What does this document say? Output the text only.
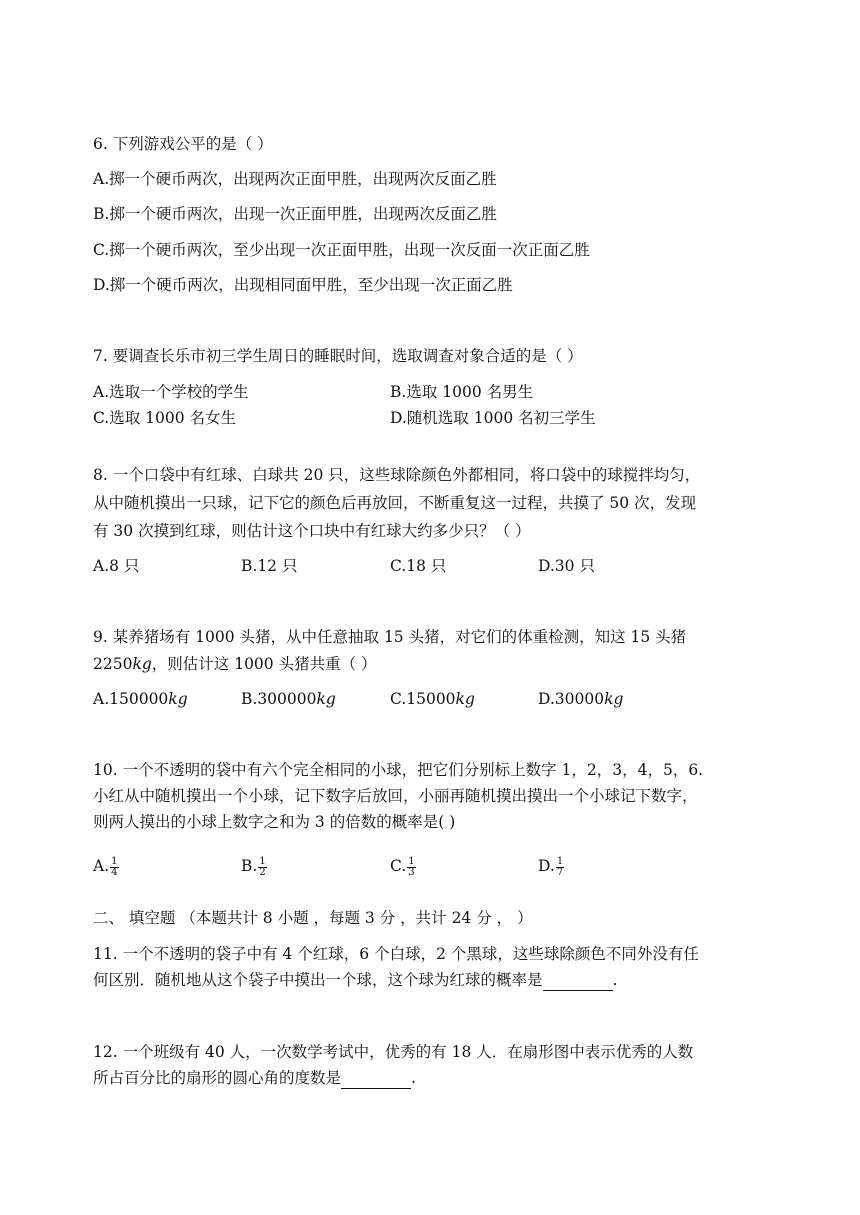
6. 下列游戏公平的是（ ）
A.掷一个硬币两次，出现两次正面甲胜，出现两次反面乙胜
B.掷一个硬币两次，出现一次正面甲胜，出现两次反面乙胜
C.掷一个硬币两次，至少出现一次正面甲胜，出现一次反面一次正面乙胜
D.掷一个硬币两次，出现相同面甲胜，至少出现一次正面乙胜
7. 要调查长乐市初三学生周日的睡眠时间，选取调查对象合适的是（ ）
A.选取一个学校的学生	B.选取 1000 名男生
C.选取 1000 名女生	D.随机选取 1000 名初三学生
8. 一个口袋中有红球、白球共 20 只，这些球除颜色外都相同，将口袋中的球搅拌均匀，
从中随机摸出一只球，记下它的颜色后再放回，不断重复这一过程，共摸了 50 次，发现
有 30 次摸到红球，则估计这个口块中有红球大约多少只？（ ）
A.8 只	B.12 只	C.18 只	D.30 只
9. 某养猪场有 1000 头猪，从中任意抽取 15 头猪，对它们的体重检测，知这 15 头猪
2250kg，则估计这 1000 头猪共重（ ）
A.150000kg	B.300000kg	C.15000kg	D.30000kg
10. 一个不透明的袋中有六个完全相同的小球，把它们分别标上数字 1，2，3，4，5，6.
小红从中随机摸出一个小球，记下数字后放回，小丽再随机摸出摸出一个小球记下数字，
则两人摸出的小球上数字之和为 3 的倍数的概率是( )
A. $\frac{1}{4}$	B. $\frac{1}{2}$	C. $\frac{1}{3}$	D. $\frac{1}{7}$
二、 填空题 （本题共计 8 小题 ，每题 3 分 ，共计 24 分 ， ）
11. 一个不透明的袋子中有 4 个红球，6 个白球，2 个黑球，这些球除颜色不同外没有任
何区别．随机地从这个袋子中摸出一个球，这个球为红球的概率是	.
12. 一个班级有 40 人，一次数学考试中，优秀的有 18 人．在扇形图中表示优秀的人数
所占百分比的扇形的圆心角的度数是	.
